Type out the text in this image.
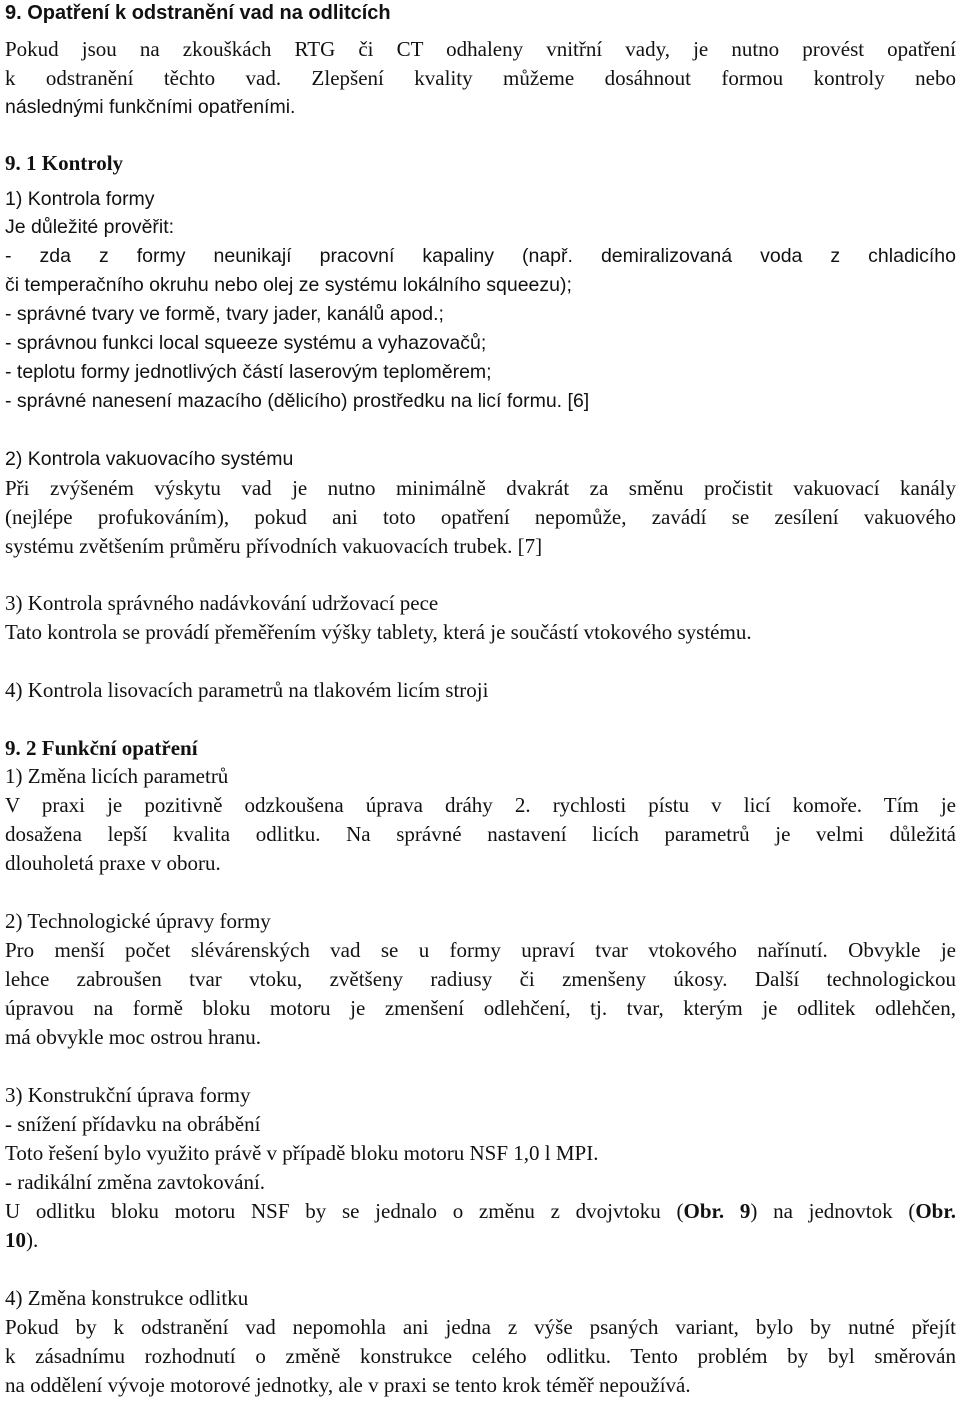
9. Opatření k odstranění vad na odlitcích
Pokud jsou na zkouškách RTG či CT odhaleny vnitřní vady, je nutno provést opatření
k odstranění těchto vad. Zlepšení kvality můžeme dosáhnout formou kontroly nebo
následnými funkčními opatřeními.
9. 1 Kontroly
1) Kontrola formy
Je důležité prověřit:
- zda z formy neunikají pracovní kapaliny (např. demiralizovaná voda z chladicího
či temperačního okruhu nebo olej ze systému lokálního squeezu);
- správné tvary ve formě, tvary jader, kanálů apod.;
- správnou funkci local squeeze systému a vyhazovačů;
- teplotu formy jednotlivých částí laserovým teploměrem;
- správné nanesení mazacího (dělicího) prostředku na licí formu. [6]
2) Kontrola vakuovacího systému
Při zvýšeném výskytu vad je nutno minimálně dvakrát za směnu pročistit vakuovací kanály
(nejlépe profukováním), pokud ani toto opatření nepomůže, zavádí se zesílení vakuového
systému zvětšením průměru přívodních vakuovacích trubek. [7]
3) Kontrola správného nadávkování udržovací pece
Tato kontrola se provádí přeměřením výšky tablety, která je součástí vtokového systému.
4) Kontrola lisovacích parametrů na tlakovém licím stroji
9. 2 Funkční opatření
1) Změna licích parametrů
V praxi je pozitivně odzkoušena úprava dráhy 2. rychlosti pístu v licí komoře. Tím je
dosažena lepší kvalita odlitku. Na správné nastavení licích parametrů je velmi důležitá
dlouholetá praxe v oboru.
2) Technologické úpravy formy
Pro menší počet slévárenských vad se u formy upraví tvar vtokového nařínutí. Obvykle je
lehce zabroušen tvar vtoku, zvětšeny radiusy či zmenšeny úkosy. Další technologickou
úpravou na formě bloku motoru je zmenšení odlehčení, tj. tvar, kterým je odlitek odlehčen,
má obvykle moc ostrou hranu.
3) Konstrukční úprava formy
- snížení přídavku na obrábění
Toto řešení bylo využito právě v případě bloku motoru NSF 1,0 l MPI.
- radikální změna zavtokování.
U odlitku bloku motoru NSF by se jednalo o změnu z dvojvtoku (Obr. 9) na jednovtok (Obr.
10).
4) Změna konstrukce odlitku
Pokud by k odstranění vad nepomohla ani jedna z výše psaných variant, bylo by nutné přejít
k zásadnímu rozhodnutí o změně konstrukce celého odlitku. Tento problém by byl směrován
na oddělení vývoje motorové jednotky, ale v praxi se tento krok téměř nepoužívá.
